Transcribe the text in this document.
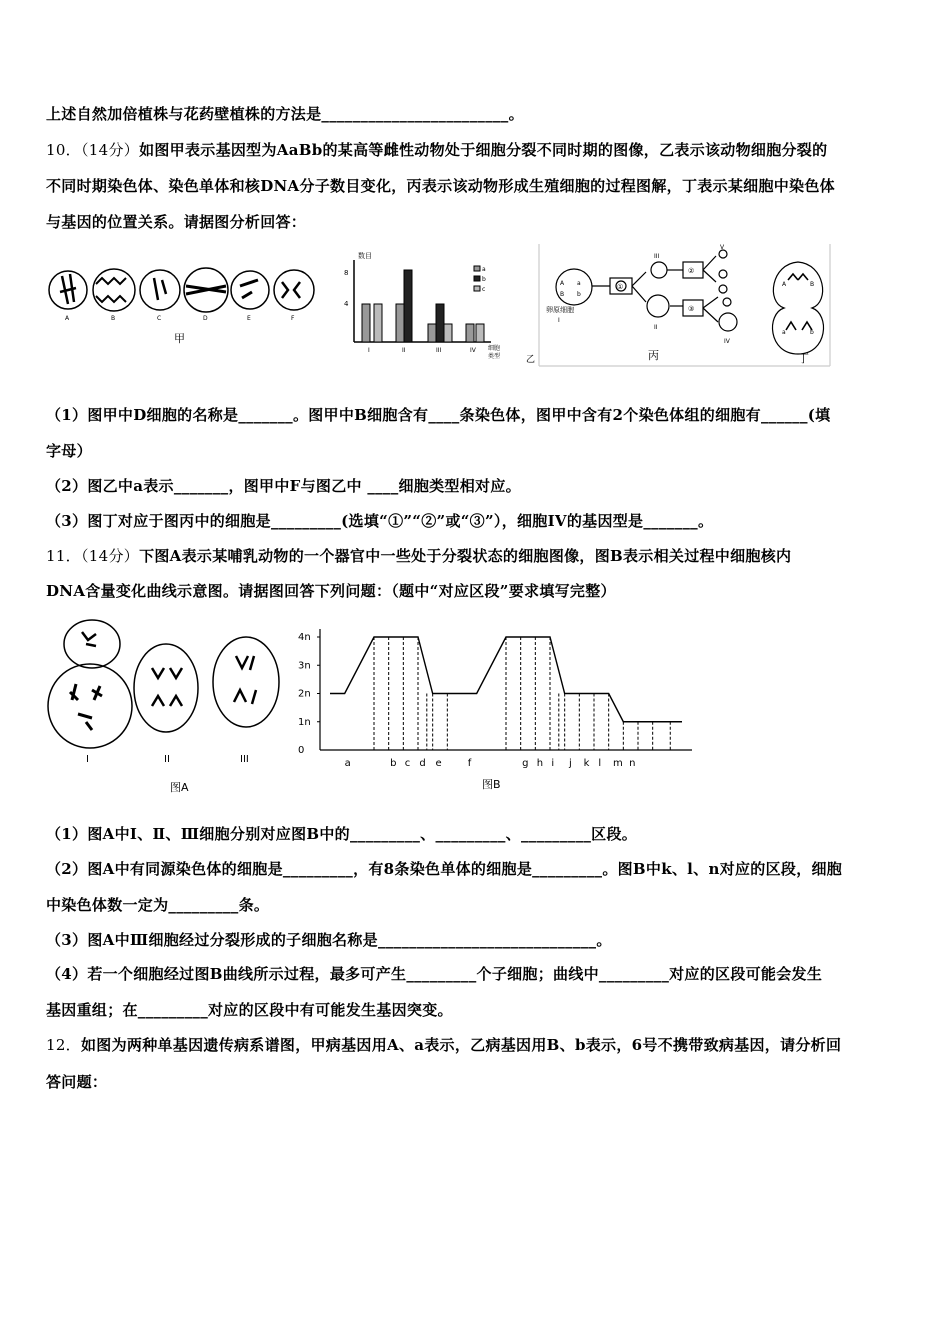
上述自然加倍植株与花药壁植株的方法是________________________。
10．（14分）如图甲表示基因型为AaBb的某高等雌性动物处于细胞分裂不同时期的图像，乙表示该动物细胞分裂的
不同时期染色体、染色单体和核DNA分子数目变化，丙表示该动物形成生殖细胞的过程图解，丁表示某细胞中染色体
与基因的位置关系。请据图分析回答：
A	B	C	D	E	F
甲
8
4
数目
a
b
c
I	II	III	IV 细胞
类型	乙
卵原细胞
I
A a
B b
①
②
③
II
III
IV
V
丙
A	B
a	b
丁
（1）图甲中D细胞的名称是_______。图甲中B细胞含有____条染色体，图甲中含有2个染色体组的细胞有______(填
字母）
（2）图乙中a表示_______，图甲中F与图乙中 ____细胞类型相对应。
（3）图丁对应于图丙中的细胞是_________(选填“①”“②”或“③”），细胞IV的基因型是_______。
11．（14分）下图A表示某哺乳动物的一个器官中一些处于分裂状态的细胞图像，图B表示相关过程中细胞核内
DNA含量变化曲线示意图。请据图回答下列问题：（题中“对应区段”要求填写完整）
I	II	III
图A
4n
3n
2n
1n
0
a	b c d e	f	g h i j k l m n
图B
（1）图A中Ⅰ、Ⅱ、Ⅲ细胞分别对应图B中的_________、_________、_________区段。
（2）图A中有同源染色体的细胞是_________，有8条染色单体的细胞是_________。图B中k、l、n对应的区段，细胞
中染色体数一定为_________条。
（3）图A中Ⅲ细胞经过分裂形成的子细胞名称是____________________________。
（4）若一个细胞经过图B曲线所示过程，最多可产生_________个子细胞；曲线中_________对应的区段可能会发生
基因重组；在_________对应的区段中有可能发生基因突变。
12．如图为两种单基因遗传病系谱图，甲病基因用A、a表示，乙病基因用B、b表示，6号不携带致病基因，请分析回
答问题：
